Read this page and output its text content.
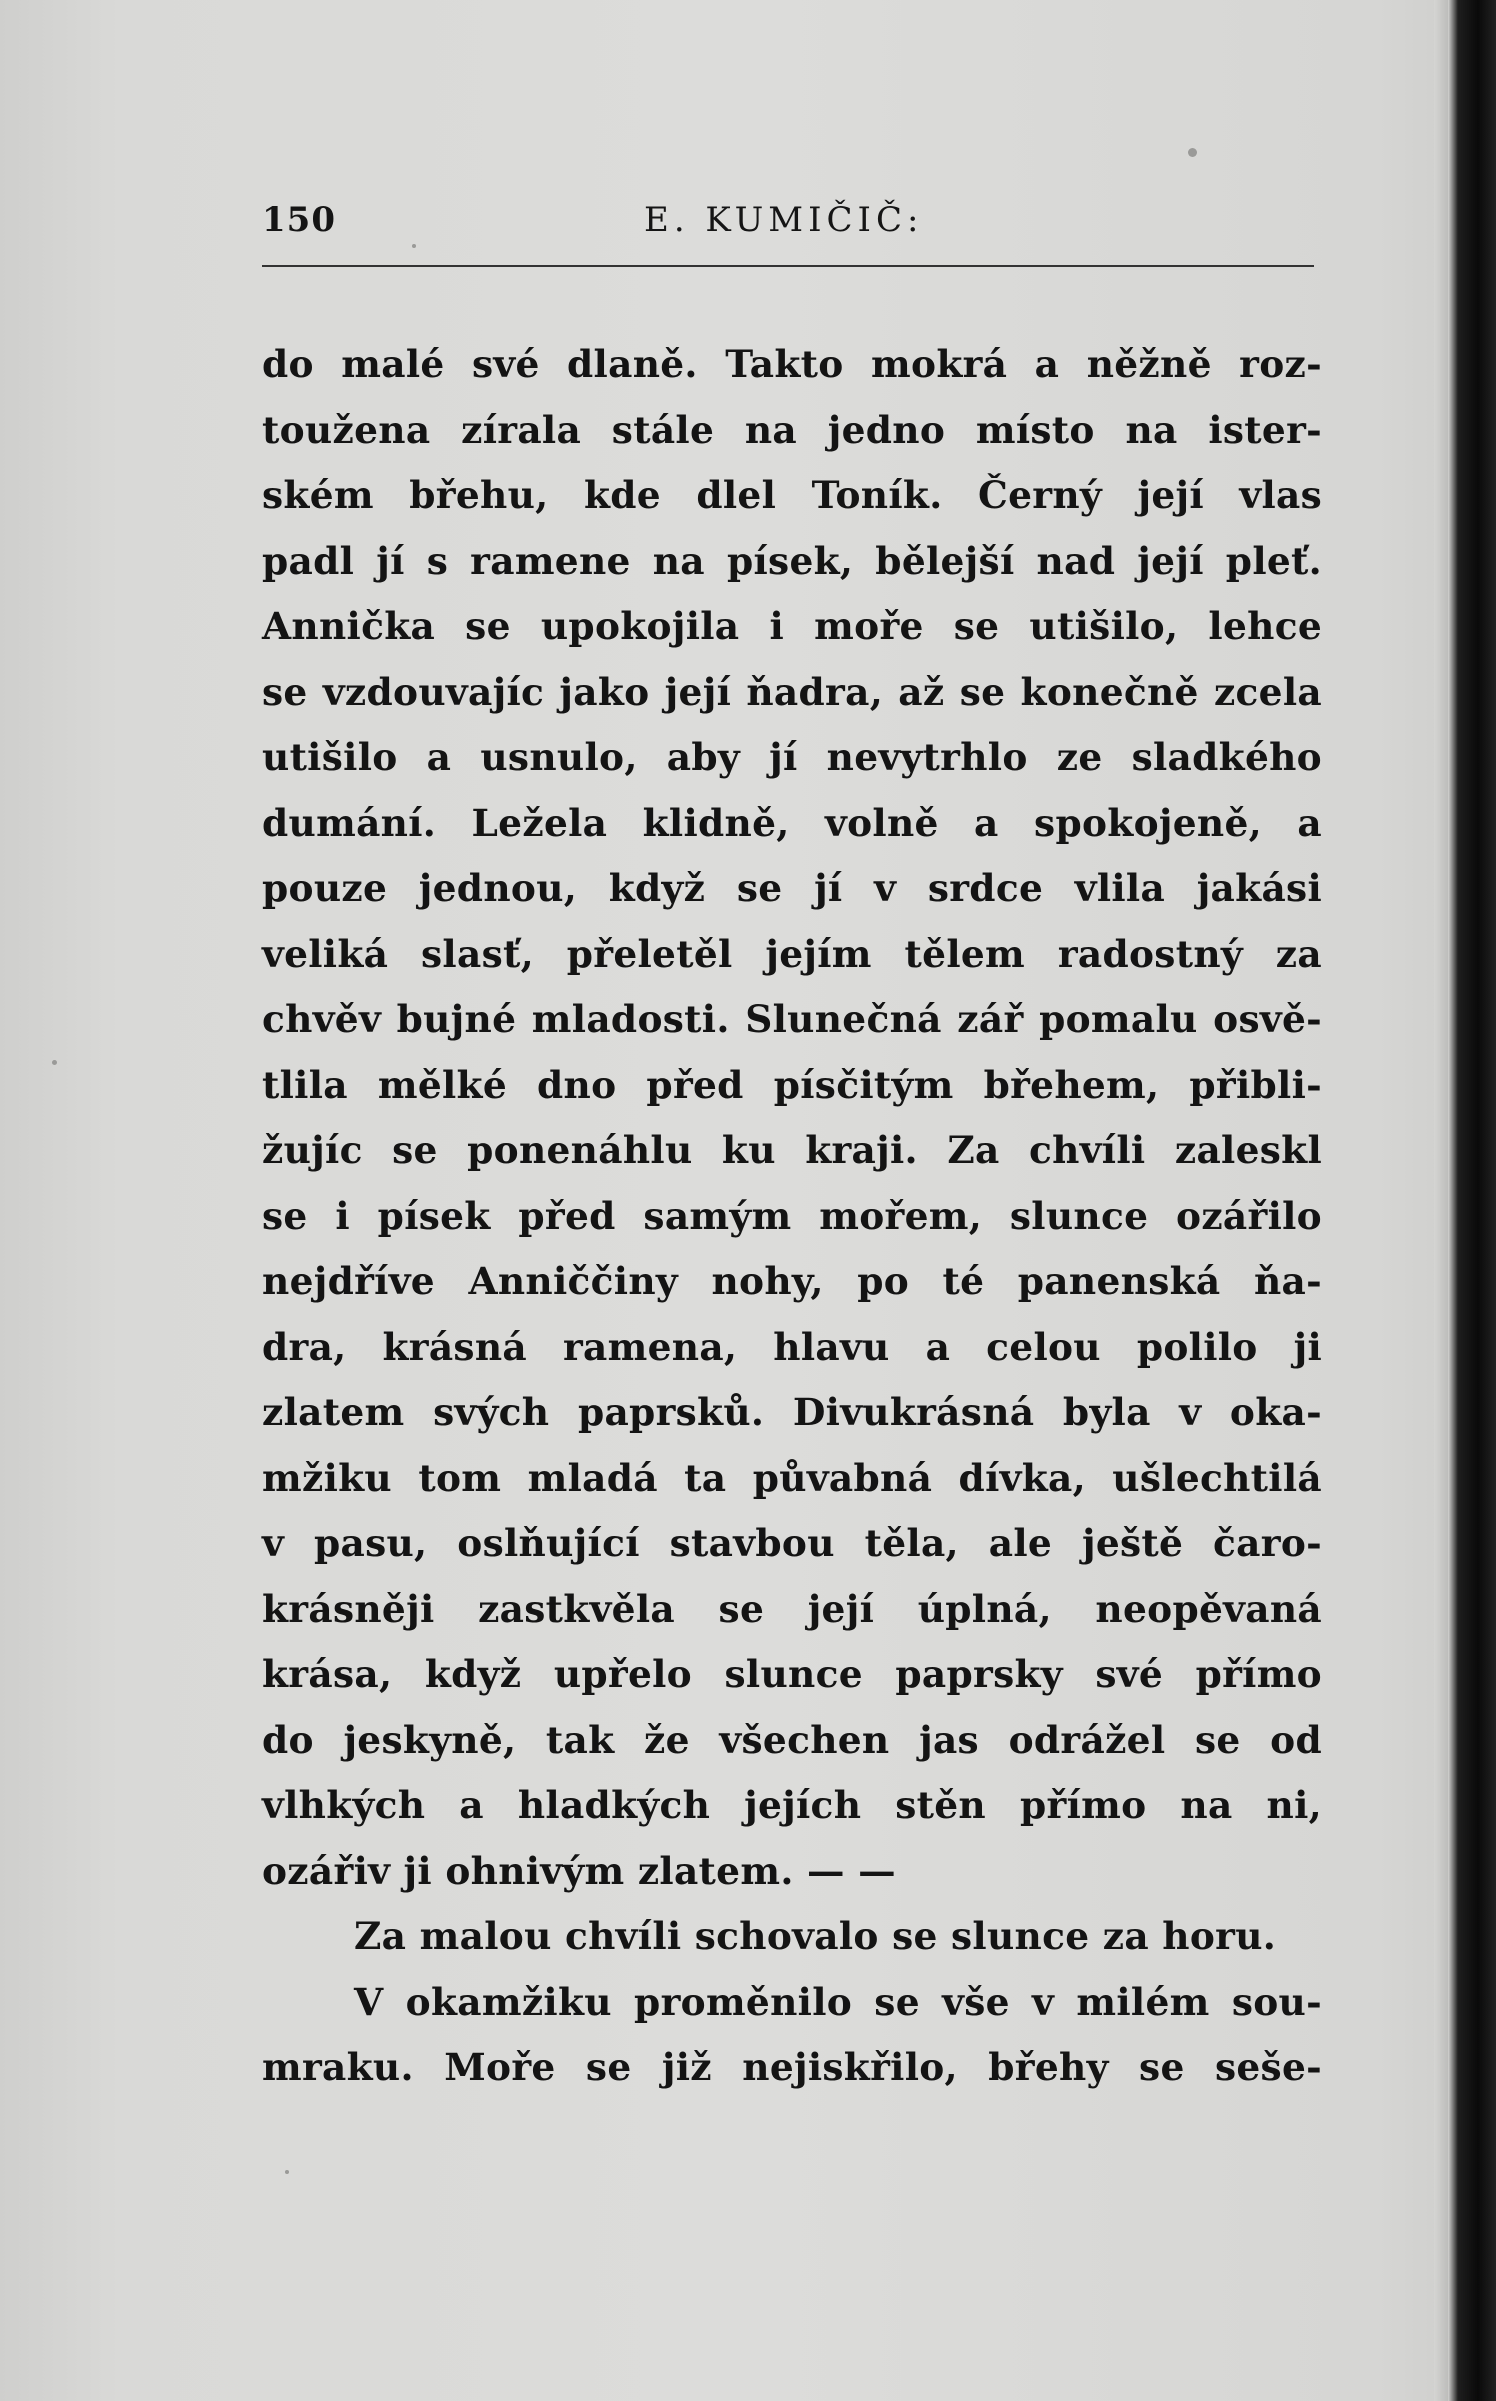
150	E. KUMIČIČ:
do malé své dlaně. Takto mokrá a něžně roz-
toužena zírala stále na jedno místo na ister-
ském břehu, kde dlel Toník. Černý její vlas
padl jí s ramene na písek, bělejší nad její pleť.
Annička se upokojila i moře se utišilo, lehce
se vzdouvajíc jako její ňadra, až se konečně zcela
utišilo a usnulo, aby jí nevytrhlo ze sladkého
dumání. Ležela klidně, volně a spokojeně, a
pouze jednou, když se jí v srdce vlila jakási
veliká slasť, přeletěl jejím tělem radostný za
chvěv bujné mladosti. Slunečná zář pomalu osvě-
tlila mělké dno před písčitým břehem, přibli-
žujíc se ponenáhlu ku kraji. Za chvíli zaleskl
se i písek před samým mořem, slunce ozářilo
nejdříve Anniččiny nohy, po té panenská ňa-
dra, krásná ramena, hlavu a celou polilo ji
zlatem svých paprsků. Divukrásná byla v oka-
mžiku tom mladá ta půvabná dívka, ušlechtilá
v pasu, oslňující stavbou těla, ale ještě čaro-
krásněji zastkvěla se její úplná, neopěvaná
krása, když upřelo slunce paprsky své přímo
do jeskyně, tak že všechen jas odrážel se od
vlhkých a hladkých jejích stěn přímo na ni,
ozářiv ji ohnivým zlatem. — —
Za malou chvíli schovalo se slunce za horu.
V okamžiku proměnilo se vše v milém sou-
mraku. Moře se již nejiskřilo, břehy se seše-
